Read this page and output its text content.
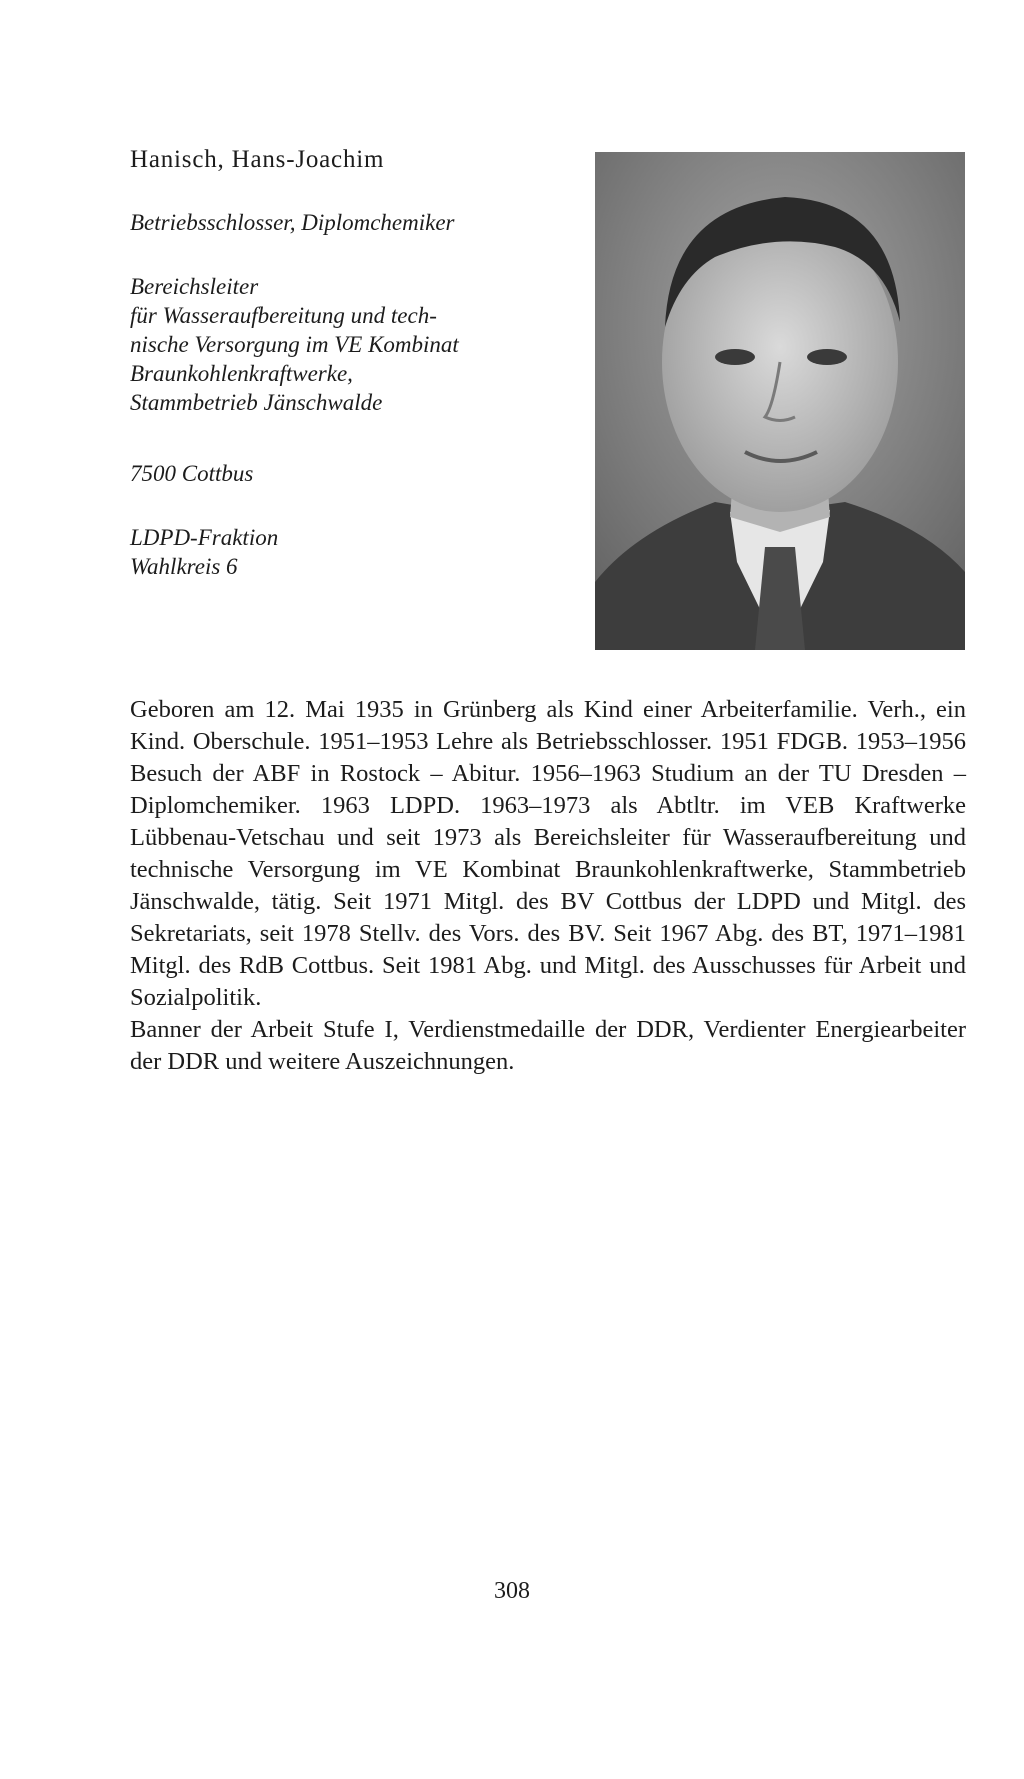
Hanisch, Hans-Joachim
Betriebsschlosser, Diplomchemiker
Bereichsleiter
für Wasseraufbereitung und tech-
nische Versorgung im VE Kombinat
Braunkohlenkraftwerke,
Stammbetrieb Jänschwalde
7500 Cottbus
LDPD-Fraktion
Wahlkreis 6

Geboren am 12. Mai 1935 in Grünberg als Kind einer Arbeiterfamilie. Verh., ein Kind. Oberschule. 1951–1953 Lehre als Betriebsschlosser. 1951 FDGB. 1953–1956 Besuch der ABF in Rostock – Abitur. 1956–1963 Studium an der TU Dresden – Diplomchemiker. 1963 LDPD. 1963–1973 als Abtltr. im VEB Kraftwerke Lübbenau-Vetschau und seit 1973 als Bereichsleiter für Wasseraufbereitung und technische Versorgung im VE Kombinat Braunkohlenkraftwerke, Stammbetrieb Jänschwalde, tätig. Seit 1971 Mitgl. des BV Cottbus der LDPD und Mitgl. des Sekretariats, seit 1978 Stellv. des Vors. des BV. Seit 1967 Abg. des BT, 1971–1981 Mitgl. des RdB Cottbus. Seit 1981 Abg. und Mitgl. des Ausschusses für Arbeit und Sozialpolitik.

Banner der Arbeit Stufe I, Verdienstmedaille der DDR, Verdienter Energiearbeiter der DDR und weitere Auszeichnungen.

308
